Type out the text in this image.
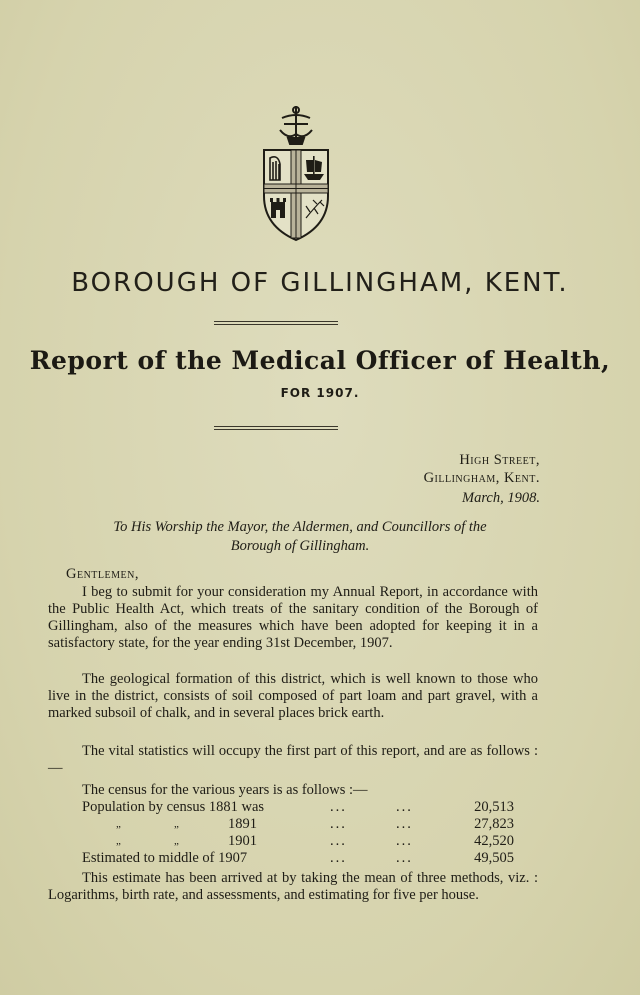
BOROUGH OF GILLINGHAM, KENT.
Report of the Medical Officer of Health,
FOR 1907.
High Street,
Gillingham, Kent.
March, 1908.
To His Worship the Mayor, the Aldermen, and Councillors of the
Borough of Gillingham.
Gentlemen,

I beg to submit for your consideration my Annual Report, in accordance with the Public Health Act, which treats of the sanitary condition of the Borough of Gillingham, also of the measures which have been adopted for keeping it in a satisfactory state, for the year ending 31st December, 1907.

The geological formation of this district, which is well known to those who live in the district, consists of soil composed of part loam and part gravel, with a marked subsoil of chalk, and in several places brick earth.

The vital statistics will occupy the first part of this report, and are as follows :—

The census for the various years is as follows :—

Population by census 1881 was	...	...	20,513
„	„	1891	...	...	27,823
„	„	1901	...	...	42,520
Estimated to middle of 1907	...	...	49,505

This estimate has been arrived at by taking the mean of three methods, viz. : Logarithms, birth rate, and assessments, and estimating for five per house.
